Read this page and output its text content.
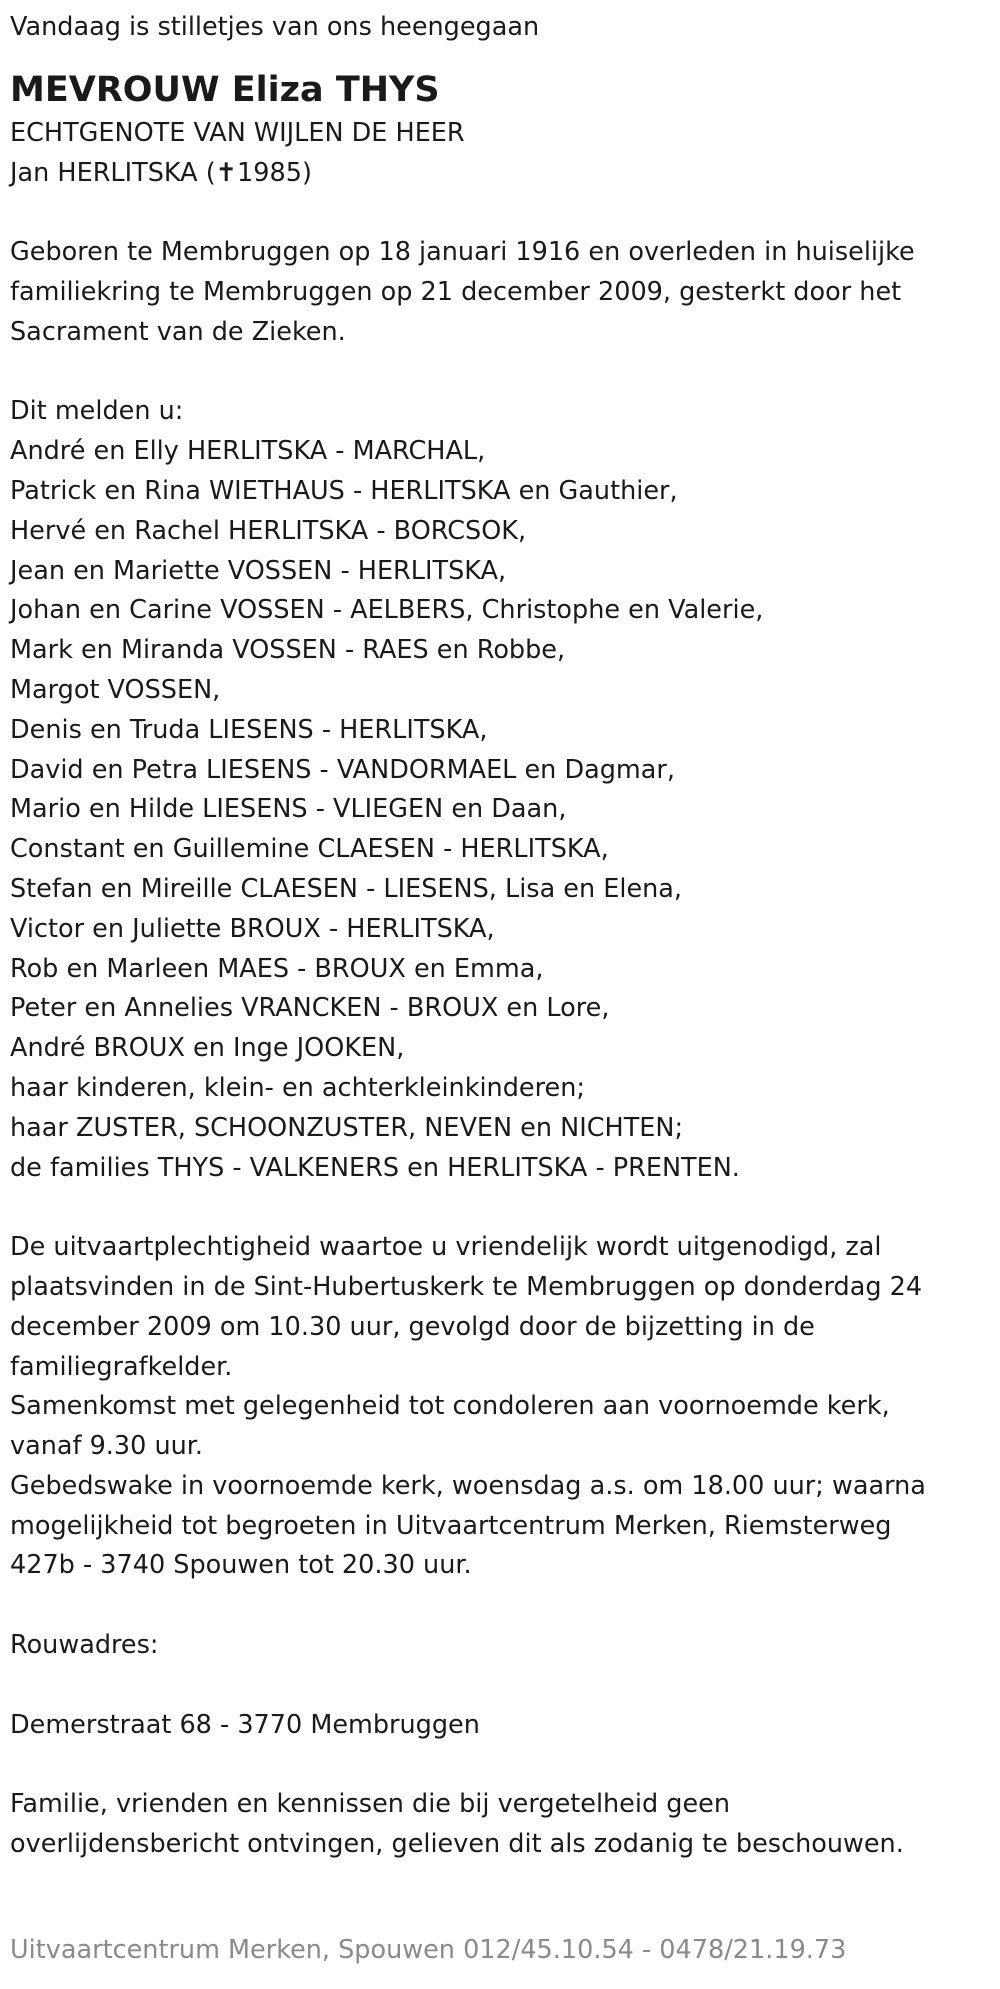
Vandaag is stilletjes van ons heengegaan

MEVROUW Eliza THYS

ECHTGENOTE VAN WIJLEN DE HEER

Jan HERLITSKA (✝1985)

Geboren te Membruggen op 18 januari 1916 en overleden in huiselijke

familiekring te Membruggen op 21 december 2009, gesterkt door het

Sacrament van de Zieken.

Dit melden u:

André en Elly HERLITSKA - MARCHAL,

Patrick en Rina WIETHAUS - HERLITSKA en Gauthier,

Hervé en Rachel HERLITSKA - BORCSOK,

Jean en Mariette VOSSEN - HERLITSKA,

Johan en Carine VOSSEN - AELBERS, Christophe en Valerie,

Mark en Miranda VOSSEN - RAES en Robbe,

Margot VOSSEN,

Denis en Truda LIESENS - HERLITSKA,

David en Petra LIESENS - VANDORMAEL en Dagmar,

Mario en Hilde LIESENS - VLIEGEN en Daan,

Constant en Guillemine CLAESEN - HERLITSKA,

Stefan en Mireille CLAESEN - LIESENS, Lisa en Elena,

Victor en Juliette BROUX - HERLITSKA,

Rob en Marleen MAES - BROUX en Emma,

Peter en Annelies VRANCKEN - BROUX en Lore,

André BROUX en Inge JOOKEN,

haar kinderen, klein- en achterkleinkinderen;

haar ZUSTER, SCHOONZUSTER, NEVEN en NICHTEN;

de families THYS - VALKENERS en HERLITSKA - PRENTEN.

De uitvaartplechtigheid waartoe u vriendelijk wordt uitgenodigd, zal

plaatsvinden in de Sint-Hubertuskerk te Membruggen op donderdag 24

december 2009 om 10.30 uur, gevolgd door de bijzetting in de

familiegrafkelder.

Samenkomst met gelegenheid tot condoleren aan voornoemde kerk,

vanaf 9.30 uur.

Gebedswake in voornoemde kerk, woensdag a.s. om 18.00 uur; waarna

mogelijkheid tot begroeten in Uitvaartcentrum Merken, Riemsterweg

427b - 3740 Spouwen tot 20.30 uur.

Rouwadres:

Demerstraat 68 - 3770 Membruggen

Familie, vrienden en kennissen die bij vergetelheid geen

overlijdensbericht ontvingen, gelieven dit als zodanig te beschouwen.

Uitvaartcentrum Merken, Spouwen 012/45.10.54 - 0478/21.19.73
